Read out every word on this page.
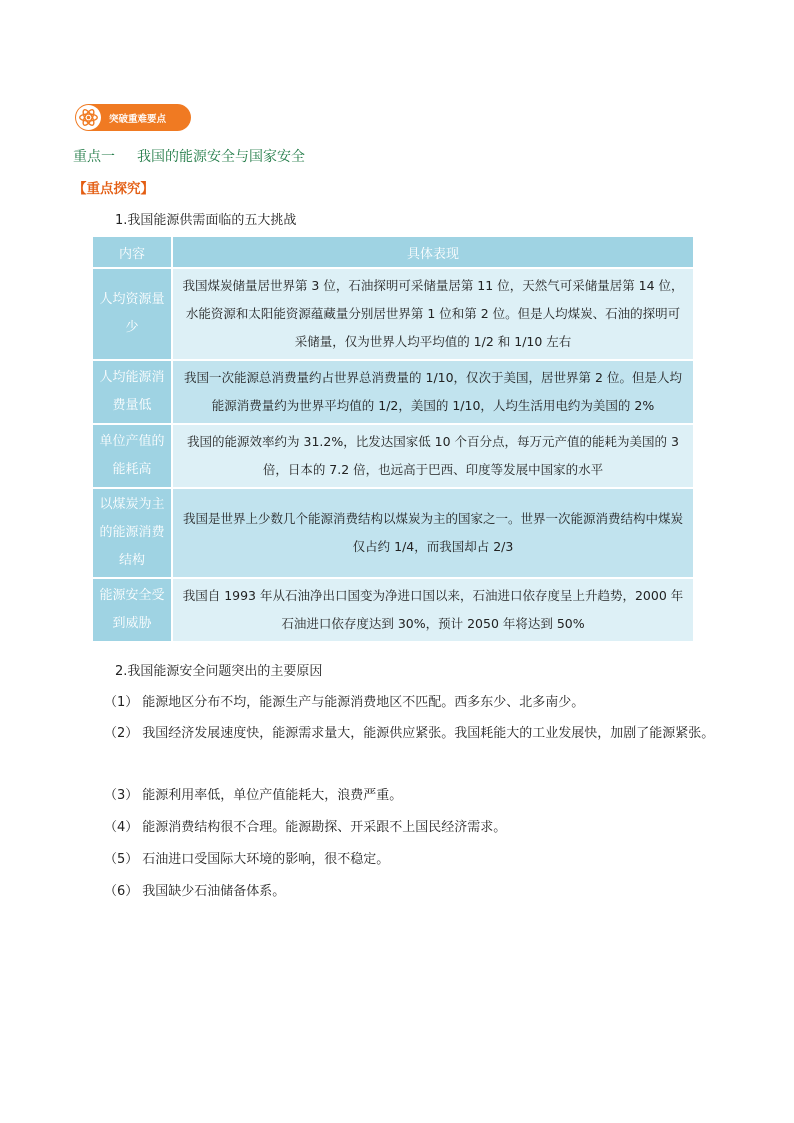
突破重难要点
重点一 我国的能源安全与国家安全
【重点探究】
1.我国能源供需面临的五大挑战
内容	具体表现
人均资源量少	我国煤炭储量居世界第 3 位，石油探明可采储量居第 11 位，天然气可采储量居第 14 位，水能资源和太阳能资源蕴藏量分别居世界第 1 位和第 2 位。但是人均煤炭、石油的探明可采储量，仅为世界人均平均值的 1/2 和 1/10 左右
人均能源消费量低	我国一次能源总消费量约占世界总消费量的 1/10，仅次于美国，居世界第 2 位。但是人均能源消费量约为世界平均值的 1/2，美国的 1/10，人均生活用电约为美国的 2%
单位产值的能耗高	我国的能源效率约为 31.2%，比发达国家低 10 个百分点，每万元产值的能耗为美国的 3 倍，日本的 7.2 倍，也远高于巴西、印度等发展中国家的水平
以煤炭为主的能源消费结构	我国是世界上少数几个能源消费结构以煤炭为主的国家之一。世界一次能源消费结构中煤炭仅占约 1/4，而我国却占 2/3
能源安全受到威胁	我国自 1993 年从石油净出口国变为净进口国以来，石油进口依存度呈上升趋势，2000 年石油进口依存度达到 30%，预计 2050 年将达到 50%
2.我国能源安全问题突出的主要原因
（1） 能源地区分布不均，能源生产与能源消费地区不匹配。西多东少、北多南少。
（2） 我国经济发展速度快，能源需求量大，能源供应紧张。我国耗能大的工业发展快，加剧了能源紧张。
（3） 能源利用率低，单位产值能耗大，浪费严重。
（4） 能源消费结构很不合理。能源勘探、开采跟不上国民经济需求。
（5） 石油进口受国际大环境的影响，很不稳定。
（6） 我国缺少石油储备体系。
